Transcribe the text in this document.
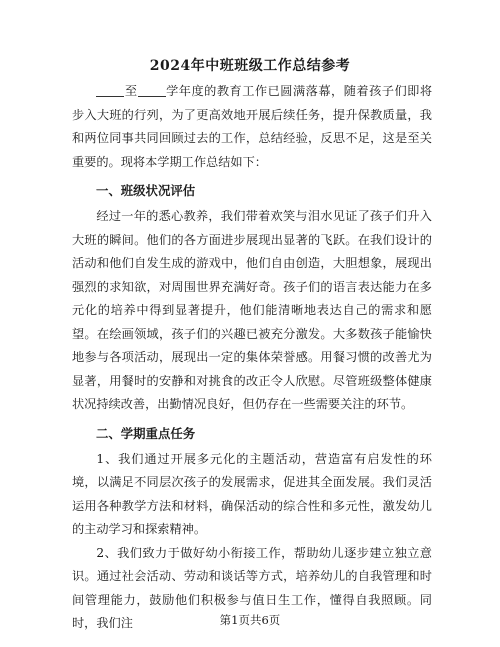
2024年中班班级工作总结参考

至 学年度的教育工作已圆满落幕，随着孩子们即将步入大班的行列，为了更高效地开展后续任务，提升保教质量，我和两位同事共同回顾过去的工作，总结经验，反思不足，这是至关重要的。现将本学期工作总结如下：

一、班级状况评估

经过一年的悉心教养，我们带着欢笑与泪水见证了孩子们升入大班的瞬间。他们的各方面进步展现出显著的飞跃。在我们设计的活动和他们自发生成的游戏中，他们自由创造，大胆想象，展现出强烈的求知欲，对周围世界充满好奇。孩子们的语言表达能力在多元化的培养中得到显著提升，他们能清晰地表达自己的需求和愿望。在绘画领域，孩子们的兴趣已被充分激发。大多数孩子能愉快地参与各项活动，展现出一定的集体荣誉感。用餐习惯的改善尤为显著，用餐时的安静和对挑食的改正令人欣慰。尽管班级整体健康状况持续改善，出勤情况良好，但仍存在一些需要关注的环节。

二、学期重点任务

1、我们通过开展多元化的主题活动，营造富有启发性的环境，以满足不同层次孩子的发展需求，促进其全面发展。我们灵活运用各种教学方法和材料，确保活动的综合性和多元性，激发幼儿的主动学习和探索精神。

2、我们致力于做好幼小衔接工作，帮助幼儿逐步建立独立意识。通过社会活动、劳动和谈话等方式，培养幼儿的自我管理和时间管理能力，鼓励他们积极参与值日生工作，懂得自我照顾。同时，我们注	第1页共6页
